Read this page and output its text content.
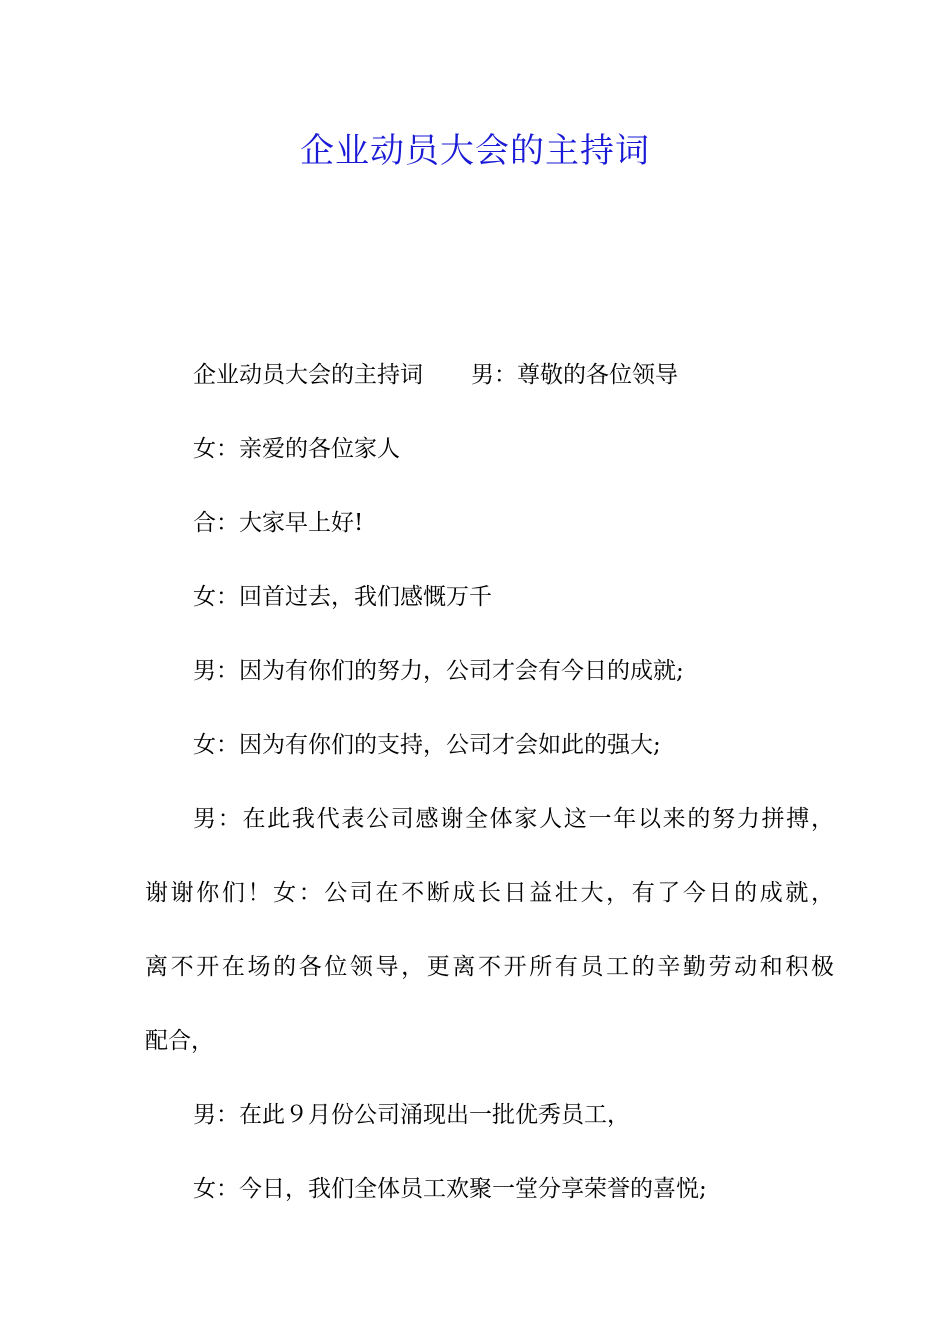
企业动员大会的主持词

企业动员大会的主持词 男：尊敬的各位领导

女：亲爱的各位家人

合：大家早上好!

女：回首过去，我们感慨万千

男：因为有你们的努力，公司才会有今日的成就;

女：因为有你们的支持，公司才会如此的强大;

男：在此我代表公司感谢全体家人这一年以来的努力拼搏，

谢谢你们！女：公司在不断成长日益壮大，有了今日的成就，

离不开在场的各位领导，更离不开所有员工的辛勤劳动和积极

配合，

男：在此９月份公司涌现出一批优秀员工，

女：今日，我们全体员工欢聚一堂分享荣誉的喜悦;
